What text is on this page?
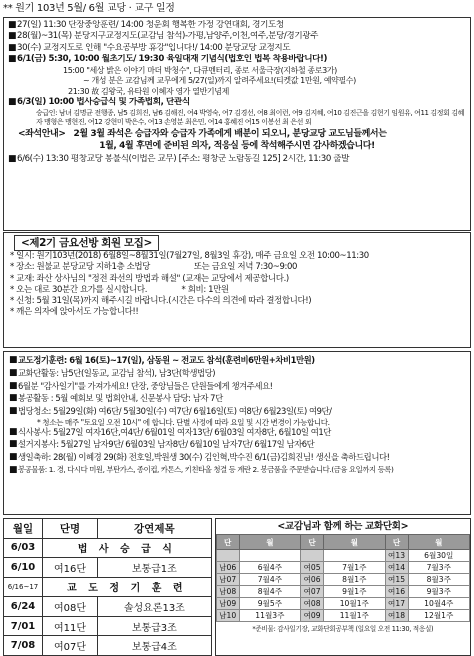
** 원기 103년 5월/ 6월 교당 · 교구 일정
■ 27(일) 11:30 단장중앙훈련/ 14:00 청운회 행복한 가정 강연대회, 경기도청
■ 28(월)~31(목) 분당지구교정지도(교감님 참석)-가평,남양주,이천,여주,분당/경기광주
■ 30(수) 교정지도로 인해 "수요공부방 휴강"입니다!/ 14:00 분당교당 교정지도
■ 6/1(금) 5:30, 10:00 월초기도/ 19:30 육일대재 기념식(법호인 법복 착용바랍니다!)
15:00 "세상 밝은 이야기 마더 박청수", 다큐멘터리, 종로 서울극장(지하철 종로3가)
~ 개성 분은 교감님께 교무에게 5/27(일)까지 알려주세요!(티켓값 1만원, 예약필수)
21:30 故 김왕국, 유타원 이혜자 영가 열반기념제
■ 6/3(일) 10:00 법사승급식 및 가족법회, 단관식
승급인: 남녀 김명균 전행종, 남5 김희진, 남6 김해진, 여4 박영숙, 여7 김경선, 여8 최이런, 여9 김지혜, 여10 김진근을 김현기 임원유, 여11 김정회 김혜자 맹형은 맹현진, 여12 강현미 박은수, 여13 손영분 최은민, 여14 홍혜진 여15 이봉선 최 은선 외
<좌석안내> 2월 3월 좌석은 승급자와 승급자 가족에게 배분이 되오니, 분당교당 교도님들께서는
1월, 4월 후면에 준비된 의자, 적응실 등에 착석해주시면 감사하겠습니다!
■ 6/6(수) 13:30 평창교당 봉불식(이법은 교무) [주소: 평창군 노람동길 125] 2시간, 11:30 출발
<제2기 금요선방 회원 모집>
* 일시: 원기103년(2018) 6월8일~8월31일(7월27일, 8월3일 휴강), 매주 금요일 오전 10:00~11:30
* 장소: 원불교 분당교당 지하1층 소법당                   또는 금요일 저녁 7:30~9:00
* 교재: 좌산 상사님의 "정전 좌선의 방법과 해설" (교재는 교당에서 제공합니다.)
* 오는 대로 30분간 요가를 실시합니다.               * 회비: 1만원
* 신청: 5월 31일(목)까지 해주시길 바랍니다.(시간은 다수의 의견에 따라 결정합니다!)
* 깨은 의자에 앉아서도 가능합니다!!
■ 교도정기훈련: 6월 16(토)~17(일), 삼동원 ~ 전교도 참석(훈련비6만원+차비1만원)
■ 교화단활동: 남5단(일동교, 교감님 참석), 남3단(학생법당)
■ 6월분 "감사일기"를 가져가세요! 단장, 중앙님들은 단원들에게 챙겨주세요!
■ 봉공활동 : 5월 예회보 및 법회안내, 신문봉사 담당: 남자 7단
■ 법당청소: 5월29일(화) 여6단/ 5월30일(수) 여7단/ 6월16일(토) 여8단/ 6월23일(토) 여9단/
* 청소는 매주 "토요일 오전 10시" 에 합니다. 단별 사정에 따라 요일 및 시간 변경이 가능합니다.
■ 식사봉사: 5월27일 여자16단,여4단/ 6월01일 여자13단/ 6월03일 여자8단, 6월10일 여1단
■ 설거지봉사: 5월27일 남자9단/ 6월03일 남자8단/ 6월10일 남자7단/ 6월17일 남자6단
■ 생일축하: 28(월) 이혜경 29(화) 전호일,박원생 30(수) 김인혁,박수진 6/1(금)김희진님! 생신을 축하드립니다!
■ 봉공물품: 1. 경, 다시다 미원, 부탄가스, 종이컵, 카톤스, 키친타올 청결 등 계란 2. 봉금품을 주문받습니다.(금융 요일까지 등록)
월일	단명	강연제목
6/03	법 사 승 급 식	
6/10	여16단	보통급1조
6/16~17	교 도 정 기 훈 련	
6/24	여08단	솔성요론13조
7/01	여11단	보통급3조
7/08	여07단	보통급4조
<교감님과 함께 하는 교화단회>
단	월	단	월	단	월
				여13	6월30일
남06	6월4주	여05	7월1주	여14	7월3주
남07	7월4주	여06	8월1주	여15	8월3주
남08	8월4주	여07	9월1주	여16	9월3주
남09	9월5주	여08	10월1주	여17	10월4주
남10	11월3주	여09	11월1주	여18	12월1주
*준비물: 감사일기장, 교화단회공부책 (일요일 오전 11:30, 적응실)
